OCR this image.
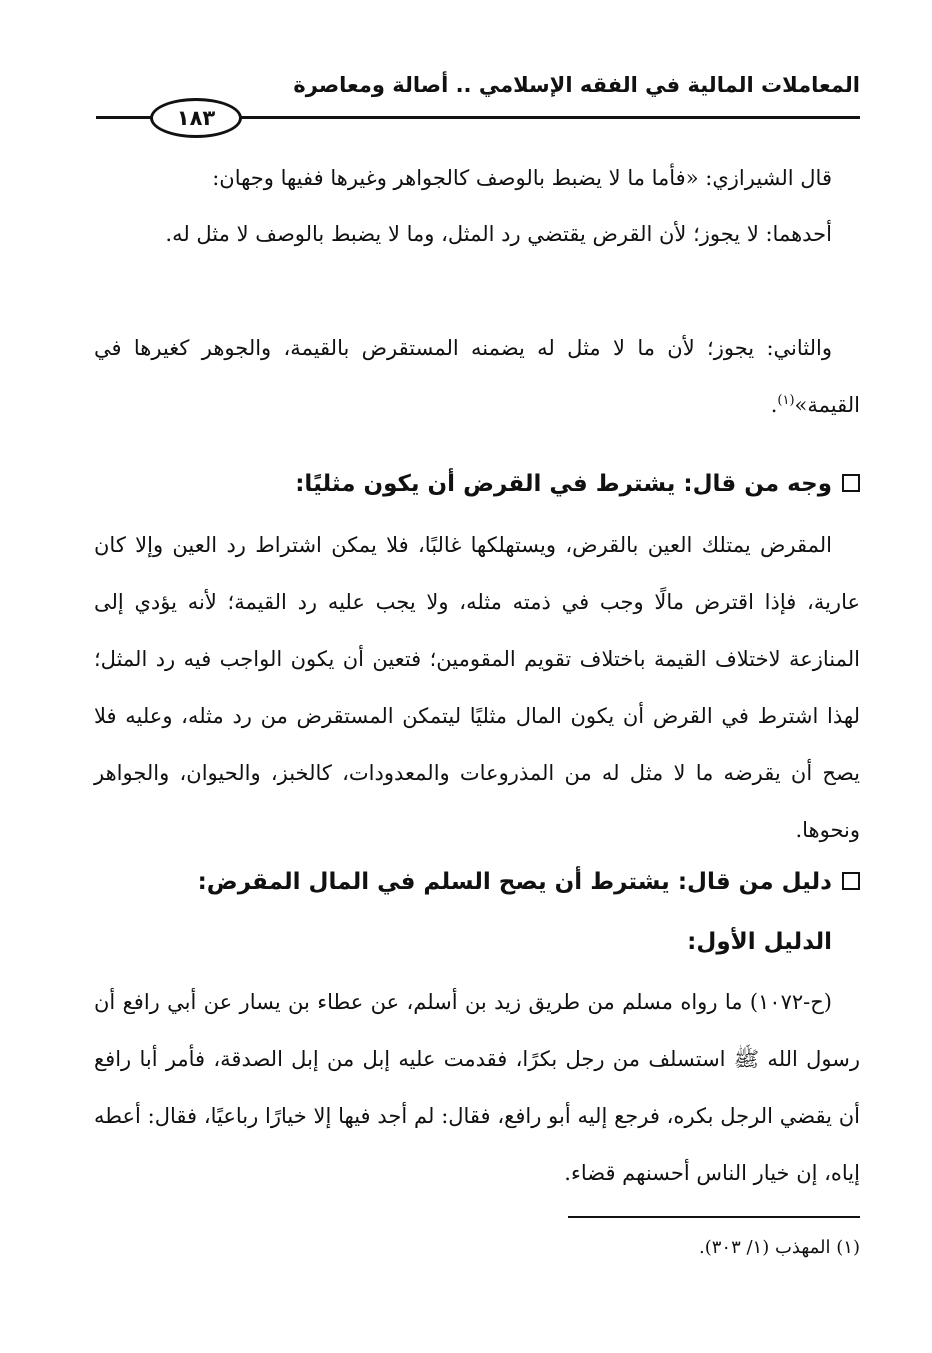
المعاملات المالية في الفقه الإسلامي .. أصالة ومعاصرة
١٨٣
قال الشيرازي: «فأما ما لا يضبط بالوصف كالجواهر وغيرها ففيها وجهان:
أحدهما: لا يجوز؛ لأن القرض يقتضي رد المثل، وما لا يضبط بالوصف لا مثل له.
والثاني: يجوز؛ لأن ما لا مثل له يضمنه المستقرض بالقيمة، والجوهر كغيرها في القيمة»$^{(١)}$.
وجه من قال: يشترط في القرض أن يكون مثليًا:
المقرض يمتلك العين بالقرض، ويستهلكها غالبًا، فلا يمكن اشتراط رد العين وإلا كان عارية، فإذا اقترض مالًا وجب في ذمته مثله، ولا يجب عليه رد القيمة؛ لأنه يؤدي إلى المنازعة لاختلاف القيمة باختلاف تقويم المقومين؛ فتعين أن يكون الواجب فيه رد المثل؛ لهذا اشترط في القرض أن يكون المال مثليًا ليتمكن المستقرض من رد مثله، وعليه فلا يصح أن يقرضه ما لا مثل له من المذروعات والمعدودات، كالخبز، والحيوان، والجواهر ونحوها.
دليل من قال: يشترط أن يصح السلم في المال المقرض:
الدليل الأول:
(ح-١٠٧٢) ما رواه مسلم من طريق زيد بن أسلم، عن عطاء بن يسار عن أبي رافع أن رسول الله ﷺ استسلف من رجل بكرًا، فقدمت عليه إبل من إبل الصدقة، فأمر أبا رافع أن يقضي الرجل بكره، فرجع إليه أبو رافع، فقال: لم أجد فيها إلا خيارًا رباعيًا، فقال: أعطه إياه، إن خيار الناس أحسنهم قضاء.
(١) المهذب (١/ ٣٠٣).
